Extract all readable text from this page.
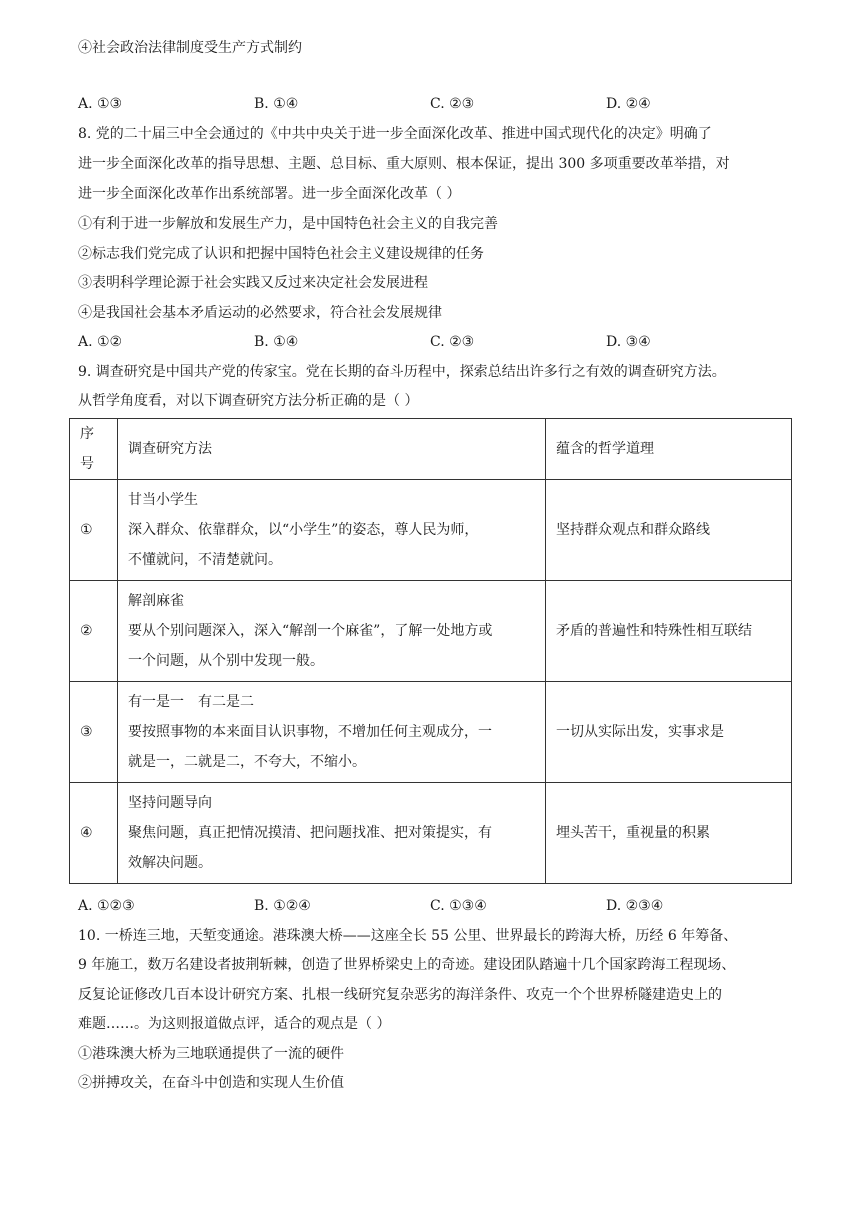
④社会政治法律制度受生产方式制约
A. ①③	B. ①④	C. ②③	D. ②④
8. 党的二十届三中全会通过的《中共中央关于进一步全面深化改革、推进中国式现代化的决定》明确了
进一步全面深化改革的指导思想、主题、总目标、重大原则、根本保证，提出 300 多项重要改革举措，对
进一步全面深化改革作出系统部署。进一步全面深化改革（ ）
①有利于进一步解放和发展生产力，是中国特色社会主义的自我完善
②标志我们党完成了认识和把握中国特色社会主义建设规律的任务
③表明科学理论源于社会实践又反过来决定社会发展进程
④是我国社会基本矛盾运动的必然要求，符合社会发展规律
A. ①②	B. ①④	C. ②③	D. ③④
9. 调查研究是中国共产党的传家宝。党在长期的奋斗历程中，探索总结出许多行之有效的调查研究方法。
从哲学角度看，对以下调查研究方法分析正确的是（ ）
序号	调查研究方法	蕴含的哲学道理
①	甘当小学生
深入群众、依靠群众，以“小学生”的姿态，尊人民为师，
不懂就问，不清楚就问。	坚持群众观点和群众路线
②	解剖麻雀
要从个别问题深入，深入“解剖一个麻雀”，了解一处地方或
一个问题，从个别中发现一般。	矛盾的普遍性和特殊性相互联结
③	有一是一　有二是二
要按照事物的本来面目认识事物，不增加任何主观成分，一
就是一，二就是二，不夸大，不缩小。	一切从实际出发，实事求是
④	坚持问题导向
聚焦问题，真正把情况摸清、把问题找准、把对策提实，有
效解决问题。	埋头苦干，重视量的积累
A. ①②③	B. ①②④	C. ①③④	D. ②③④
10. 一桥连三地，天堑变通途。港珠澳大桥——这座全长 55 公里、世界最长的跨海大桥，历经 6 年筹备、
9 年施工，数万名建设者披荆斩棘，创造了世界桥梁史上的奇迹。建设团队踏遍十几个国家跨海工程现场、
反复论证修改几百本设计研究方案、扎根一线研究复杂恶劣的海洋条件、攻克一个个世界桥隧建造史上的
难题……。为这则报道做点评，适合的观点是（ ）
①港珠澳大桥为三地联通提供了一流的硬件
②拼搏攻关，在奋斗中创造和实现人生价值
